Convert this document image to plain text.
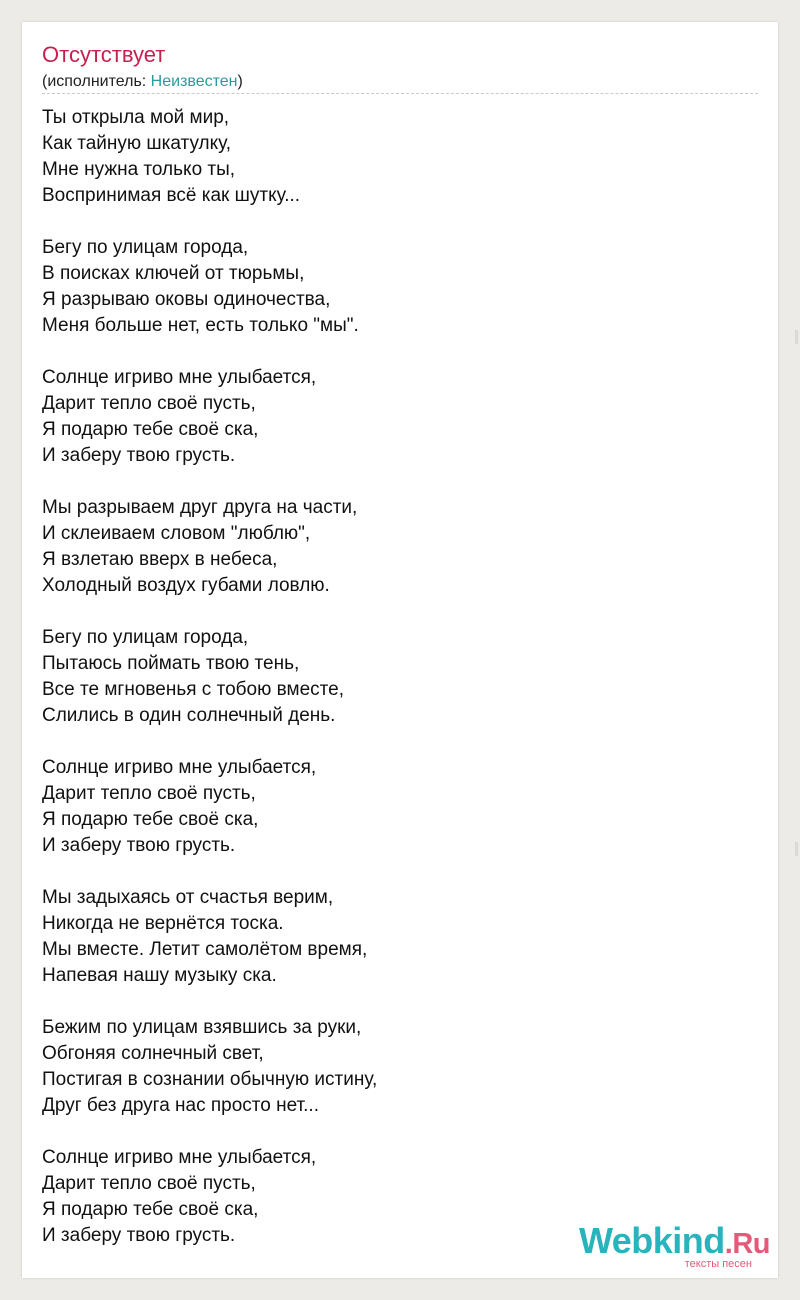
Отсутствует
(исполнитель: Неизвестен)
Ты открыла мой мир,
Как тайную шкатулку,
Мне нужна только ты,
Воспринимая всё как шутку...
Бегу по улицам города,
В поисках ключей от тюрьмы,
Я разрываю оковы одиночества,
Меня больше нет, есть только "мы".
Солнце игриво мне улыбается,
Дарит тепло своё пусть,
Я подарю тебе своё ска,
И заберу твою грусть.
Мы разрываем друг друга на части,
И склеиваем словом "люблю",
Я взлетаю вверх в небеса,
Холодный воздух губами ловлю.
Бегу по улицам города,
Пытаюсь поймать твою тень,
Все те мгновенья с тобою вместе,
Слились в один солнечный день.
Солнце игриво мне улыбается,
Дарит тепло своё пусть,
Я подарю тебе своё ска,
И заберу твою грусть.
Мы задыхаясь от счастья верим,
Никогда не вернётся тоска.
Мы вместе. Летит самолётом время,
Напевая нашу музыку ска.
Бежим по улицам взявшись за руки,
Обгоняя солнечный свет,
Постигая в сознании обычную истину,
Друг без друга нас просто нет...
Солнце игриво мне улыбается,
Дарит тепло своё пусть,
Я подарю тебе своё ска,
И заберу твою грусть.	Webkind.Ru
тексты песен
